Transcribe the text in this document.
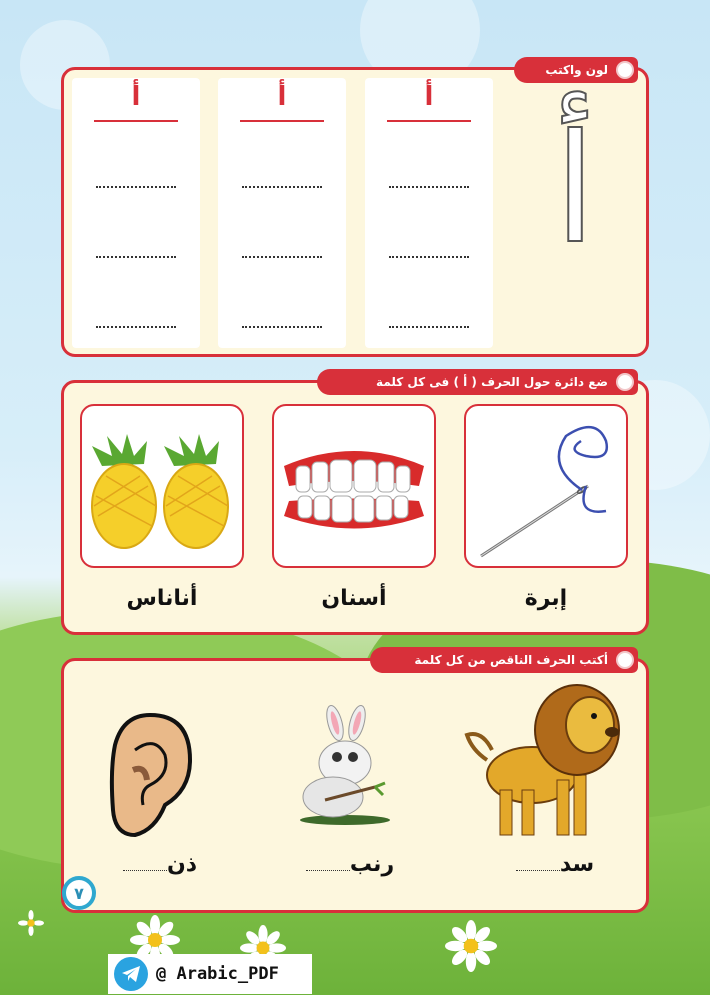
لون واكتب
أ	أ	أ
أ
ضع دائرة حول الحرف ( أ ) فى كل كلمة
أناناس	أسنان	إبرة
أكتب الحرف الناقص من كل كلمة
ذن	رنب	سد
٧
@ Arabic_PDF
